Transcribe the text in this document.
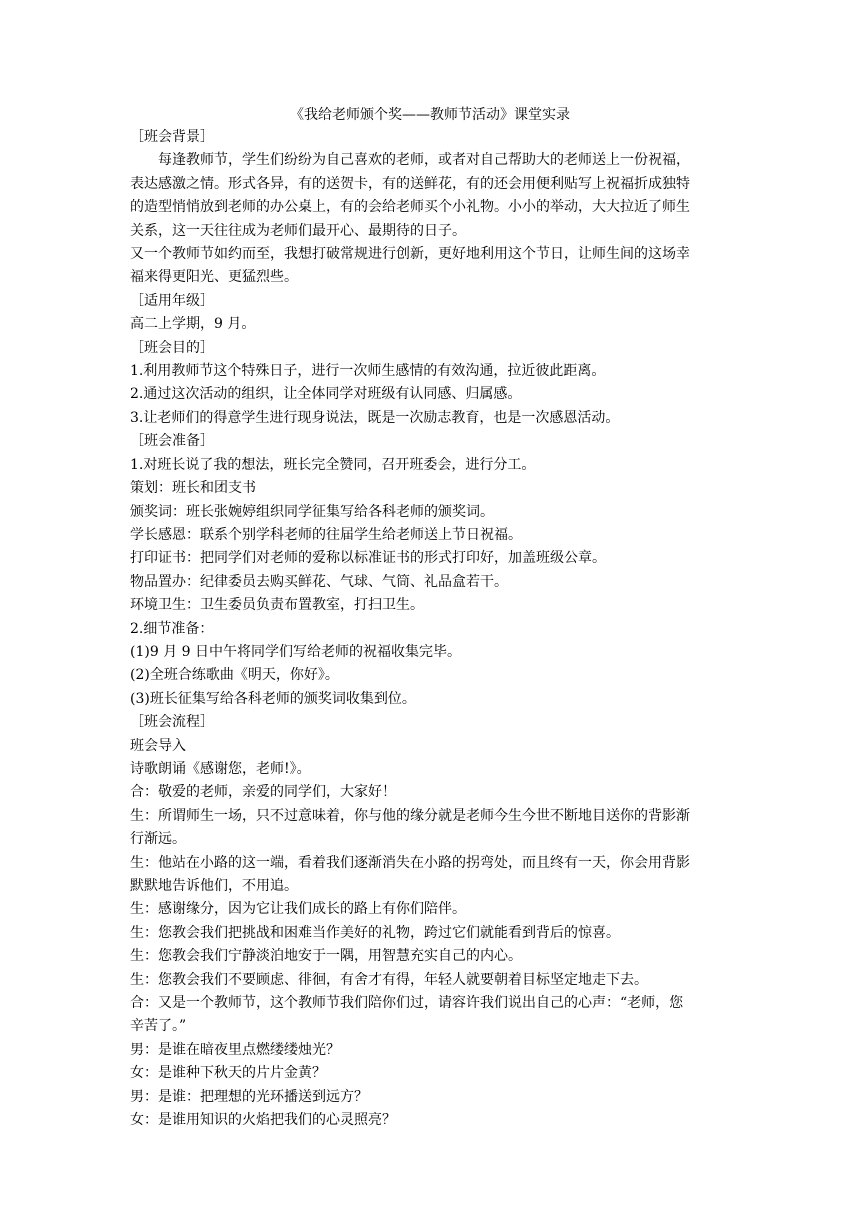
《我给老师颁个奖——教师节活动》课堂实录
［班会背景］
每逢教师节，学生们纷纷为自己喜欢的老师，或者对自己帮助大的老师送上一份祝福，
表达感激之情。形式各异，有的送贺卡，有的送鲜花，有的还会用便利贴写上祝福折成独特
的造型悄悄放到老师的办公桌上，有的会给老师买个小礼物。小小的举动，大大拉近了师生
关系，这一天往往成为老师们最开心、最期待的日子。
又一个教师节如约而至，我想打破常规进行创新，更好地利用这个节日，让师生间的这场幸
福来得更阳光、更猛烈些。
［适用年级］
高二上学期，9 月。
［班会目的］
1.利用教师节这个特殊日子，进行一次师生感情的有效沟通，拉近彼此距离。
2.通过这次活动的组织，让全体同学对班级有认同感、归属感。
3.让老师们的得意学生进行现身说法，既是一次励志教育，也是一次感恩活动。
［班会准备］
1.对班长说了我的想法，班长完全赞同，召开班委会，进行分工。
策划：班长和团支书
颁奖词：班长张婉婷组织同学征集写给各科老师的颁奖词。
学长感恩：联系个别学科老师的往届学生给老师送上节日祝福。
打印证书：把同学们对老师的爱称以标准证书的形式打印好，加盖班级公章。
物品置办：纪律委员去购买鲜花、气球、气筒、礼品盒若干。
环境卫生：卫生委员负责布置教室，打扫卫生。
2.细节准备：
(1)9 月 9 日中午将同学们写给老师的祝福收集完毕。
(2)全班合练歌曲《明天，你好》。
(3)班长征集写给各科老师的颁奖词收集到位。
［班会流程］
班会导入
诗歌朗诵《感谢您，老师!》。
合：敬爱的老师，亲爱的同学们，大家好！
生：所谓师生一场，只不过意味着，你与他的缘分就是老师今生今世不断地目送你的背影渐
行渐远。
生：他站在小路的这一端，看着我们逐渐消失在小路的拐弯处，而且终有一天，你会用背影
默默地告诉他们，不用追。
生：感谢缘分，因为它让我们成长的路上有你们陪伴。
生：您教会我们把挑战和困难当作美好的礼物，跨过它们就能看到背后的惊喜。
生：您教会我们宁静淡泊地安于一隅，用智慧充实自己的内心。
生：您教会我们不要顾虑、徘徊，有舍才有得，年轻人就要朝着目标坚定地走下去。
合：又是一个教师节，这个教师节我们陪你们过，请容许我们说出自己的心声：“老师，您
辛苦了。”
男：是谁在暗夜里点燃缕缕烛光？
女：是谁种下秋天的片片金黄？
男：是谁：把理想的光环播送到远方？
女：是谁用知识的火焰把我们的心灵照亮？
